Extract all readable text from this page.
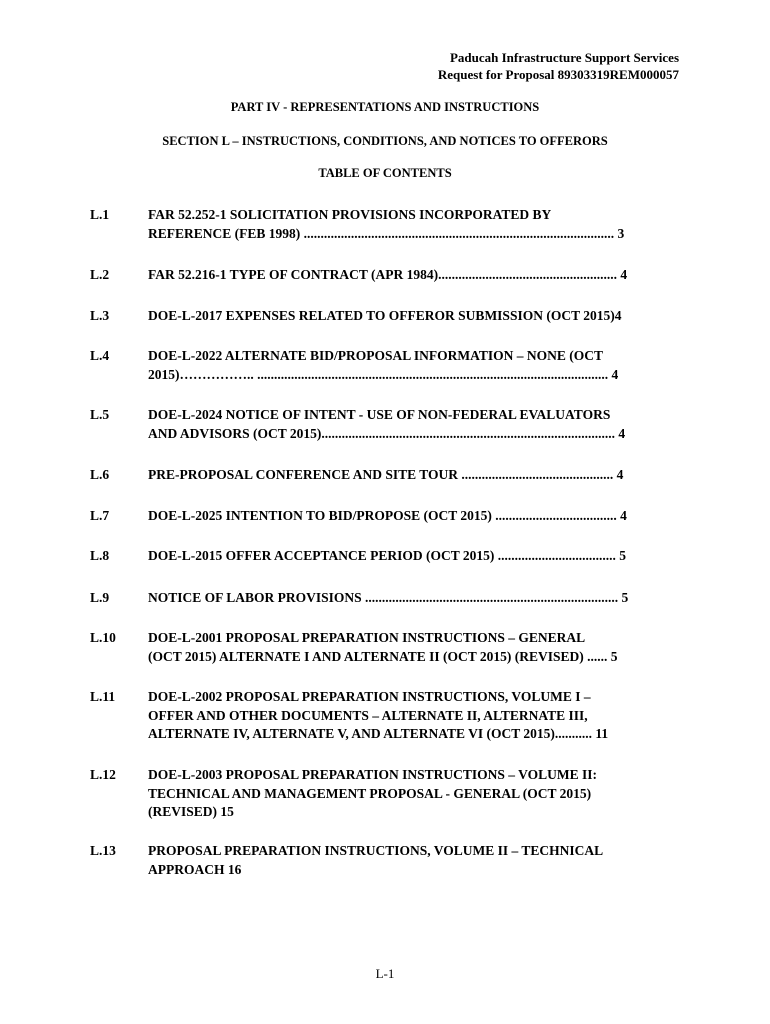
Paducah Infrastructure Support Services
Request for Proposal 89303319REM000057
PART IV - REPRESENTATIONS AND INSTRUCTIONS
SECTION L – INSTRUCTIONS, CONDITIONS, AND NOTICES TO OFFERORS
TABLE OF CONTENTS
L.1	FAR 52.252-1 SOLICITATION PROVISIONS INCORPORATED BY
REFERENCE (FEB 1998) ............................................................................................ 3
L.2	FAR 52.216-1 TYPE OF CONTRACT (APR 1984)..................................................... 4
L.3	DOE-L-2017 EXPENSES RELATED TO OFFEROR SUBMISSION (OCT 2015)4
L.4	DOE-L-2022 ALTERNATE BID/PROPOSAL INFORMATION – NONE (OCT
2015)…………….. ........................................................................................................ 4
L.5	DOE-L-2024 NOTICE OF INTENT - USE OF NON-FEDERAL EVALUATORS
AND ADVISORS (OCT 2015)....................................................................................... 4
L.6	PRE-PROPOSAL CONFERENCE AND SITE TOUR ............................................. 4
L.7	DOE-L-2025 INTENTION TO BID/PROPOSE (OCT 2015) .................................... 4
L.8	DOE-L-2015 OFFER ACCEPTANCE PERIOD (OCT 2015) ................................... 5
L.9	NOTICE OF LABOR PROVISIONS ........................................................................... 5
L.10 DOE-L-2001 PROPOSAL PREPARATION INSTRUCTIONS – GENERAL
(OCT 2015) ALTERNATE I AND ALTERNATE II (OCT 2015) (REVISED) ...... 5
L.11 DOE-L-2002 PROPOSAL PREPARATION INSTRUCTIONS, VOLUME I –
OFFER AND OTHER DOCUMENTS – ALTERNATE II, ALTERNATE III,
ALTERNATE IV, ALTERNATE V, AND ALTERNATE VI (OCT 2015)........... 11
L.12 DOE-L-2003 PROPOSAL PREPARATION INSTRUCTIONS – VOLUME II:
TECHNICAL AND MANAGEMENT PROPOSAL - GENERAL (OCT 2015)
(REVISED) 15
L.13 PROPOSAL PREPARATION INSTRUCTIONS, VOLUME II – TECHNICAL
APPROACH 16
L-1
